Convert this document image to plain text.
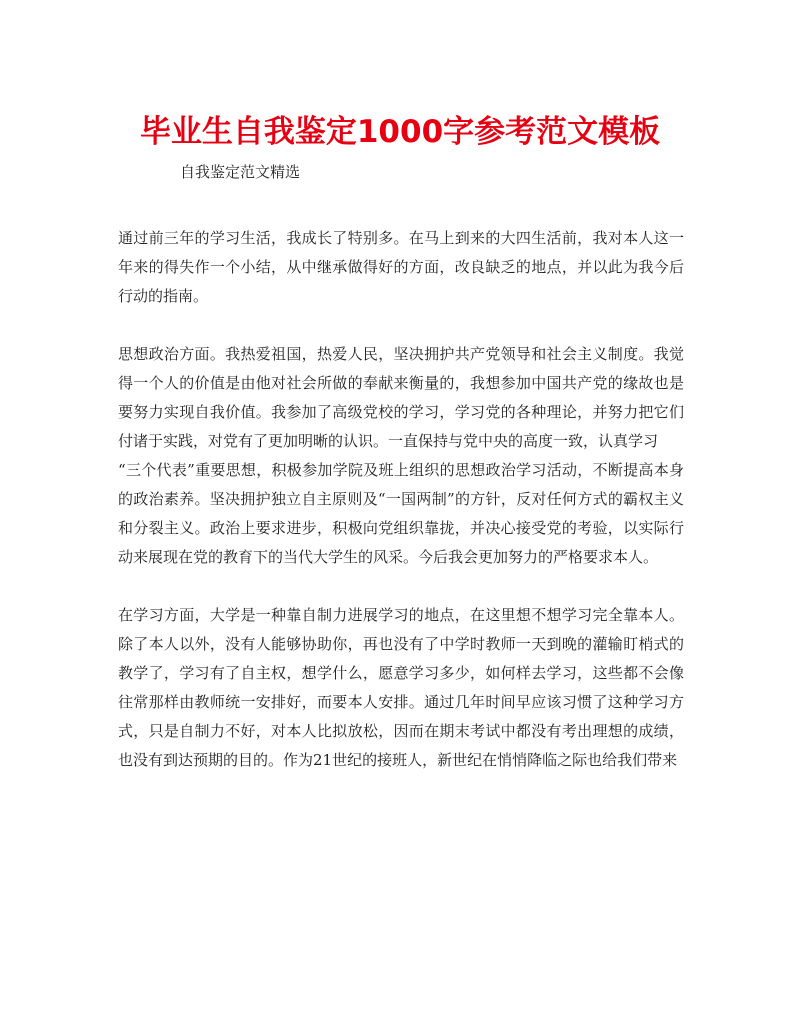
毕业生自我鉴定1000字参考范文模板

自我鉴定范文精选

通过前三年的学习生活，我成长了特别多。在马上到来的大四生活前，我对本人这一年来的得失作一个小结，从中继承做得好的方面，改良缺乏的地点，并以此为我今后行动的指南。

思想政治方面。我热爱祖国，热爱人民，坚决拥护共产党领导和社会主义制度。我觉得一个人的价值是由他对社会所做的奉献来衡量的，我想参加中国共产党的缘故也是要努力实现自我价值。我参加了高级党校的学习，学习党的各种理论，并努力把它们付诸于实践，对党有了更加明晰的认识。一直保持与党中央的高度一致，认真学习

“三个代表”重要思想，积极参加学院及班上组织的思想政治学习活动，不断提高本身的政治素养。坚决拥护独立自主原则及“一国两制”的方针，反对任何方式的霸权主义和分裂主义。政治上要求进步，积极向党组织靠拢，并决心接受党的考验，以实际行动来展现在党的教育下的当代大学生的风采。今后我会更加努力的严格要求本人。

在学习方面，大学是一种靠自制力进展学习的地点，在这里想不想学习完全靠本人。除了本人以外，没有人能够协助你，再也没有了中学时教师一天到晚的灌输盯梢式的教学了，学习有了自主权，想学什么，愿意学习多少，如何样去学习，这些都不会像往常那样由教师统一安排好，而要本人安排。通过几年时间早应该习惯了这种学习方式，只是自制力不好，对本人比拟放松，因而在期末考试中都没有考出理想的成绩，也没有到达预期的目的。作为21世纪的接班人，新世纪在悄悄降临之际也给我们带来
